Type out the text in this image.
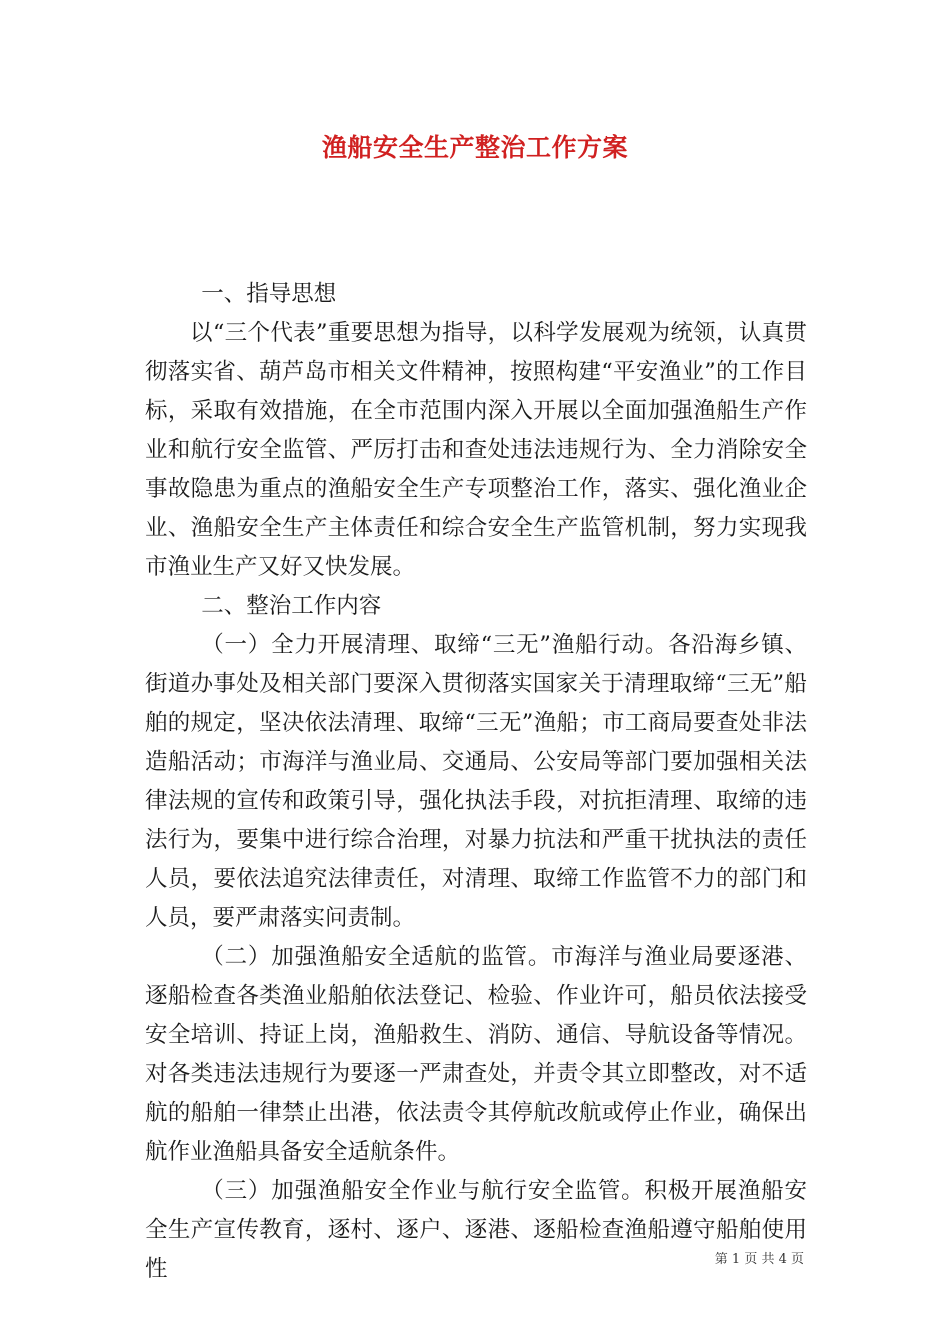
渔船安全生产整治工作方案

一、指导思想

以“三个代表”重要思想为指导，以科学发展观为统领，认真贯彻落实省、葫芦岛市相关文件精神，按照构建“平安渔业”的工作目标，采取有效措施，在全市范围内深入开展以全面加强渔船生产作业和航行安全监管、严厉打击和查处违法违规行为、全力消除安全事故隐患为重点的渔船安全生产专项整治工作，落实、强化渔业企业、渔船安全生产主体责任和综合安全生产监管机制，努力实现我市渔业生产又好又快发展。

二、整治工作内容

（一）全力开展清理、取缔“三无”渔船行动。各沿海乡镇、街道办事处及相关部门要深入贯彻落实国家关于清理取缔“三无”船舶的规定，坚决依法清理、取缔“三无”渔船；市工商局要查处非法造船活动；市海洋与渔业局、交通局、公安局等部门要加强相关法律法规的宣传和政策引导，强化执法手段，对抗拒清理、取缔的违法行为，要集中进行综合治理，对暴力抗法和严重干扰执法的责任人员，要依法追究法律责任，对清理、取缔工作监管不力的部门和人员，要严肃落实问责制。

（二）加强渔船安全适航的监管。市海洋与渔业局要逐港、逐船检查各类渔业船舶依法登记、检验、作业许可，船员依法接受安全培训、持证上岗，渔船救生、消防、通信、导航设备等情况。对各类违法违规行为要逐一严肃查处，并责令其立即整改，对不适航的船舶一律禁止出港，依法责令其停航改航或停止作业，确保出航作业渔船具备安全适航条件。

（三）加强渔船安全作业与航行安全监管。积极开展渔船安全生产宣传教育，逐村、逐户、逐港、逐船检查渔船遵守船舶使用性	第 1 页 共 4 页
